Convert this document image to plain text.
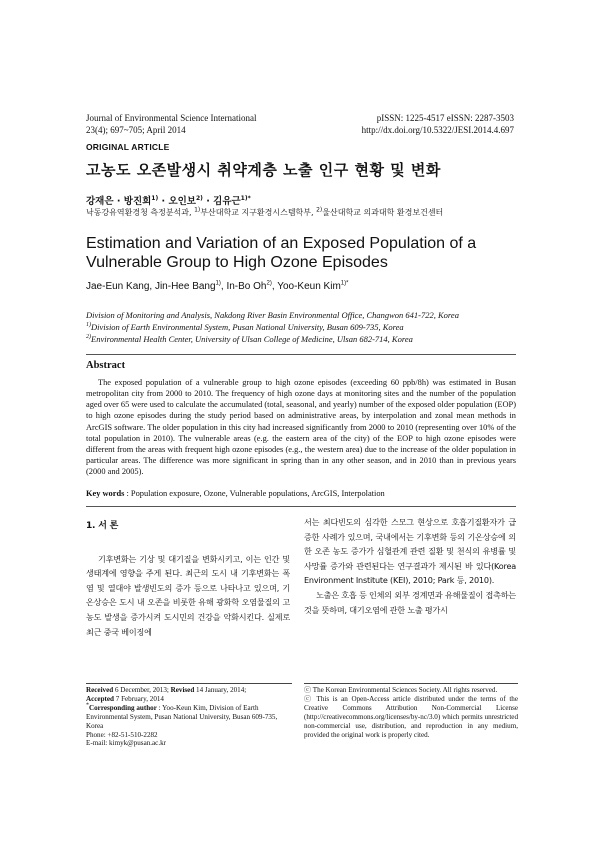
Journal of Environmental Science International
23(4); 697~705; April 2014
pISSN: 1225-4517 eISSN: 2287-3503
http://dx.doi.org/10.5322/JESI.2014.4.697
ORIGINAL ARTICLE
고농도 오존발생시 취약계층 노출 인구 현황 및 변화
강재은 · 방진희$^{1)}$ · 오인보$^{2)}$ · 김유근$^{1)*}$
낙동강유역환경청 측정분석과, $^{1)}$부산대학교 지구환경시스템학부, $^{2)}$울산대학교 의과대학 환경보건센터
Estimation and Variation of an Exposed Population of a Vulnerable Group to High Ozone Episodes
Jae-Eun Kang, Jin-Hee Bang$^{1)}$, In-Bo Oh$^{2)}$, Yoo-Keun Kim$^{1)*}$
Division of Monitoring and Analysis, Nakdong River Basin Environmental Office, Changwon 641-722, Korea
$^{1)}$Division of Earth Environmental System, Pusan National University, Busan 609-735, Korea
$^{2)}$Environmental Health Center, University of Ulsan College of Medicine, Ulsan 682-714, Korea
Abstract
The exposed population of a vulnerable group to high ozone episodes (exceeding 60 ppb/8h) was estimated in Busan metropolitan city from 2000 to 2010. The frequency of high ozone days at monitoring sites and the number of the population aged over 65 were used to calculate the accumulated (total, seasonal, and yearly) number of the exposed older population (EOP) to high ozone episodes during the study period based on administrative areas, by interpolation and zonal mean methods in ArcGIS software. The older population in this city had increased significantly from 2000 to 2010 (representing over 10% of the total population in 2010). The vulnerable areas (e.g. the eastern area of the city) of the EOP to high ozone episodes were different from the areas with frequent high ozone episodes (e.g., the western area) due to the increase of the older population in particular areas. The difference was more significant in spring than in any other season, and in 2010 than in previous years (2000 and 2005).
Key words : Population exposure, Ozone, Vulnerable populations, ArcGIS, Interpolation
1. 서 론

기후변화는 기상 및 대기질을 변화시키고, 이는 인간 및 생태계에 영향을 주게 된다. 최근의 도시 내 기후변화는 폭염 및 열대야 발생빈도의 증가 등으로 나타나고 있으며, 기온상승은 도시 내 오존을 비롯한 유해 광화학 오염물질의 고농도 발생을 증가시켜 도시민의 건강을 악화시킨다. 실제로 최근 중국 베이징에

서는 최다빈도의 심각한 스모그 현상으로 호흡기질환자가 급증한 사례가 있으며, 국내에서는 기후변화 등의 기온상승에 의한 오존 농도 증가가 심혈관계 관련 질환 및 천식의 유병률 및 사망률 증가와 관련된다는 연구결과가 제시된 바 있다(Korea Environment Institute (KEI), 2010; Park 등, 2010).

노출은 호흡 등 인체의 외부 경계면과 유해물질이 접촉하는 것을 뜻하며, 대기오염에 관한 노출 평가시

Received 6 December, 2013; Revised 14 January, 2014;
Accepted 7 February, 2014
*Corresponding author : Yoo-Keun Kim, Division of Earth Environmental System, Pusan National University, Busan 609-735, Korea
Phone: +82-51-510-2282
E-mail: kimyk@pusan.ac.kr
ⓒ The Korean Environmental Sciences Society. All rights reserved.
ⓒ This is an Open-Access article distributed under the terms of the Creative Commons Attribution Non-Commercial License (http://creativecommons.org/licenses/by-nc/3.0) which permits unrestricted non-commercial use, distribution, and reproduction in any medium, provided the original work is properly cited.
